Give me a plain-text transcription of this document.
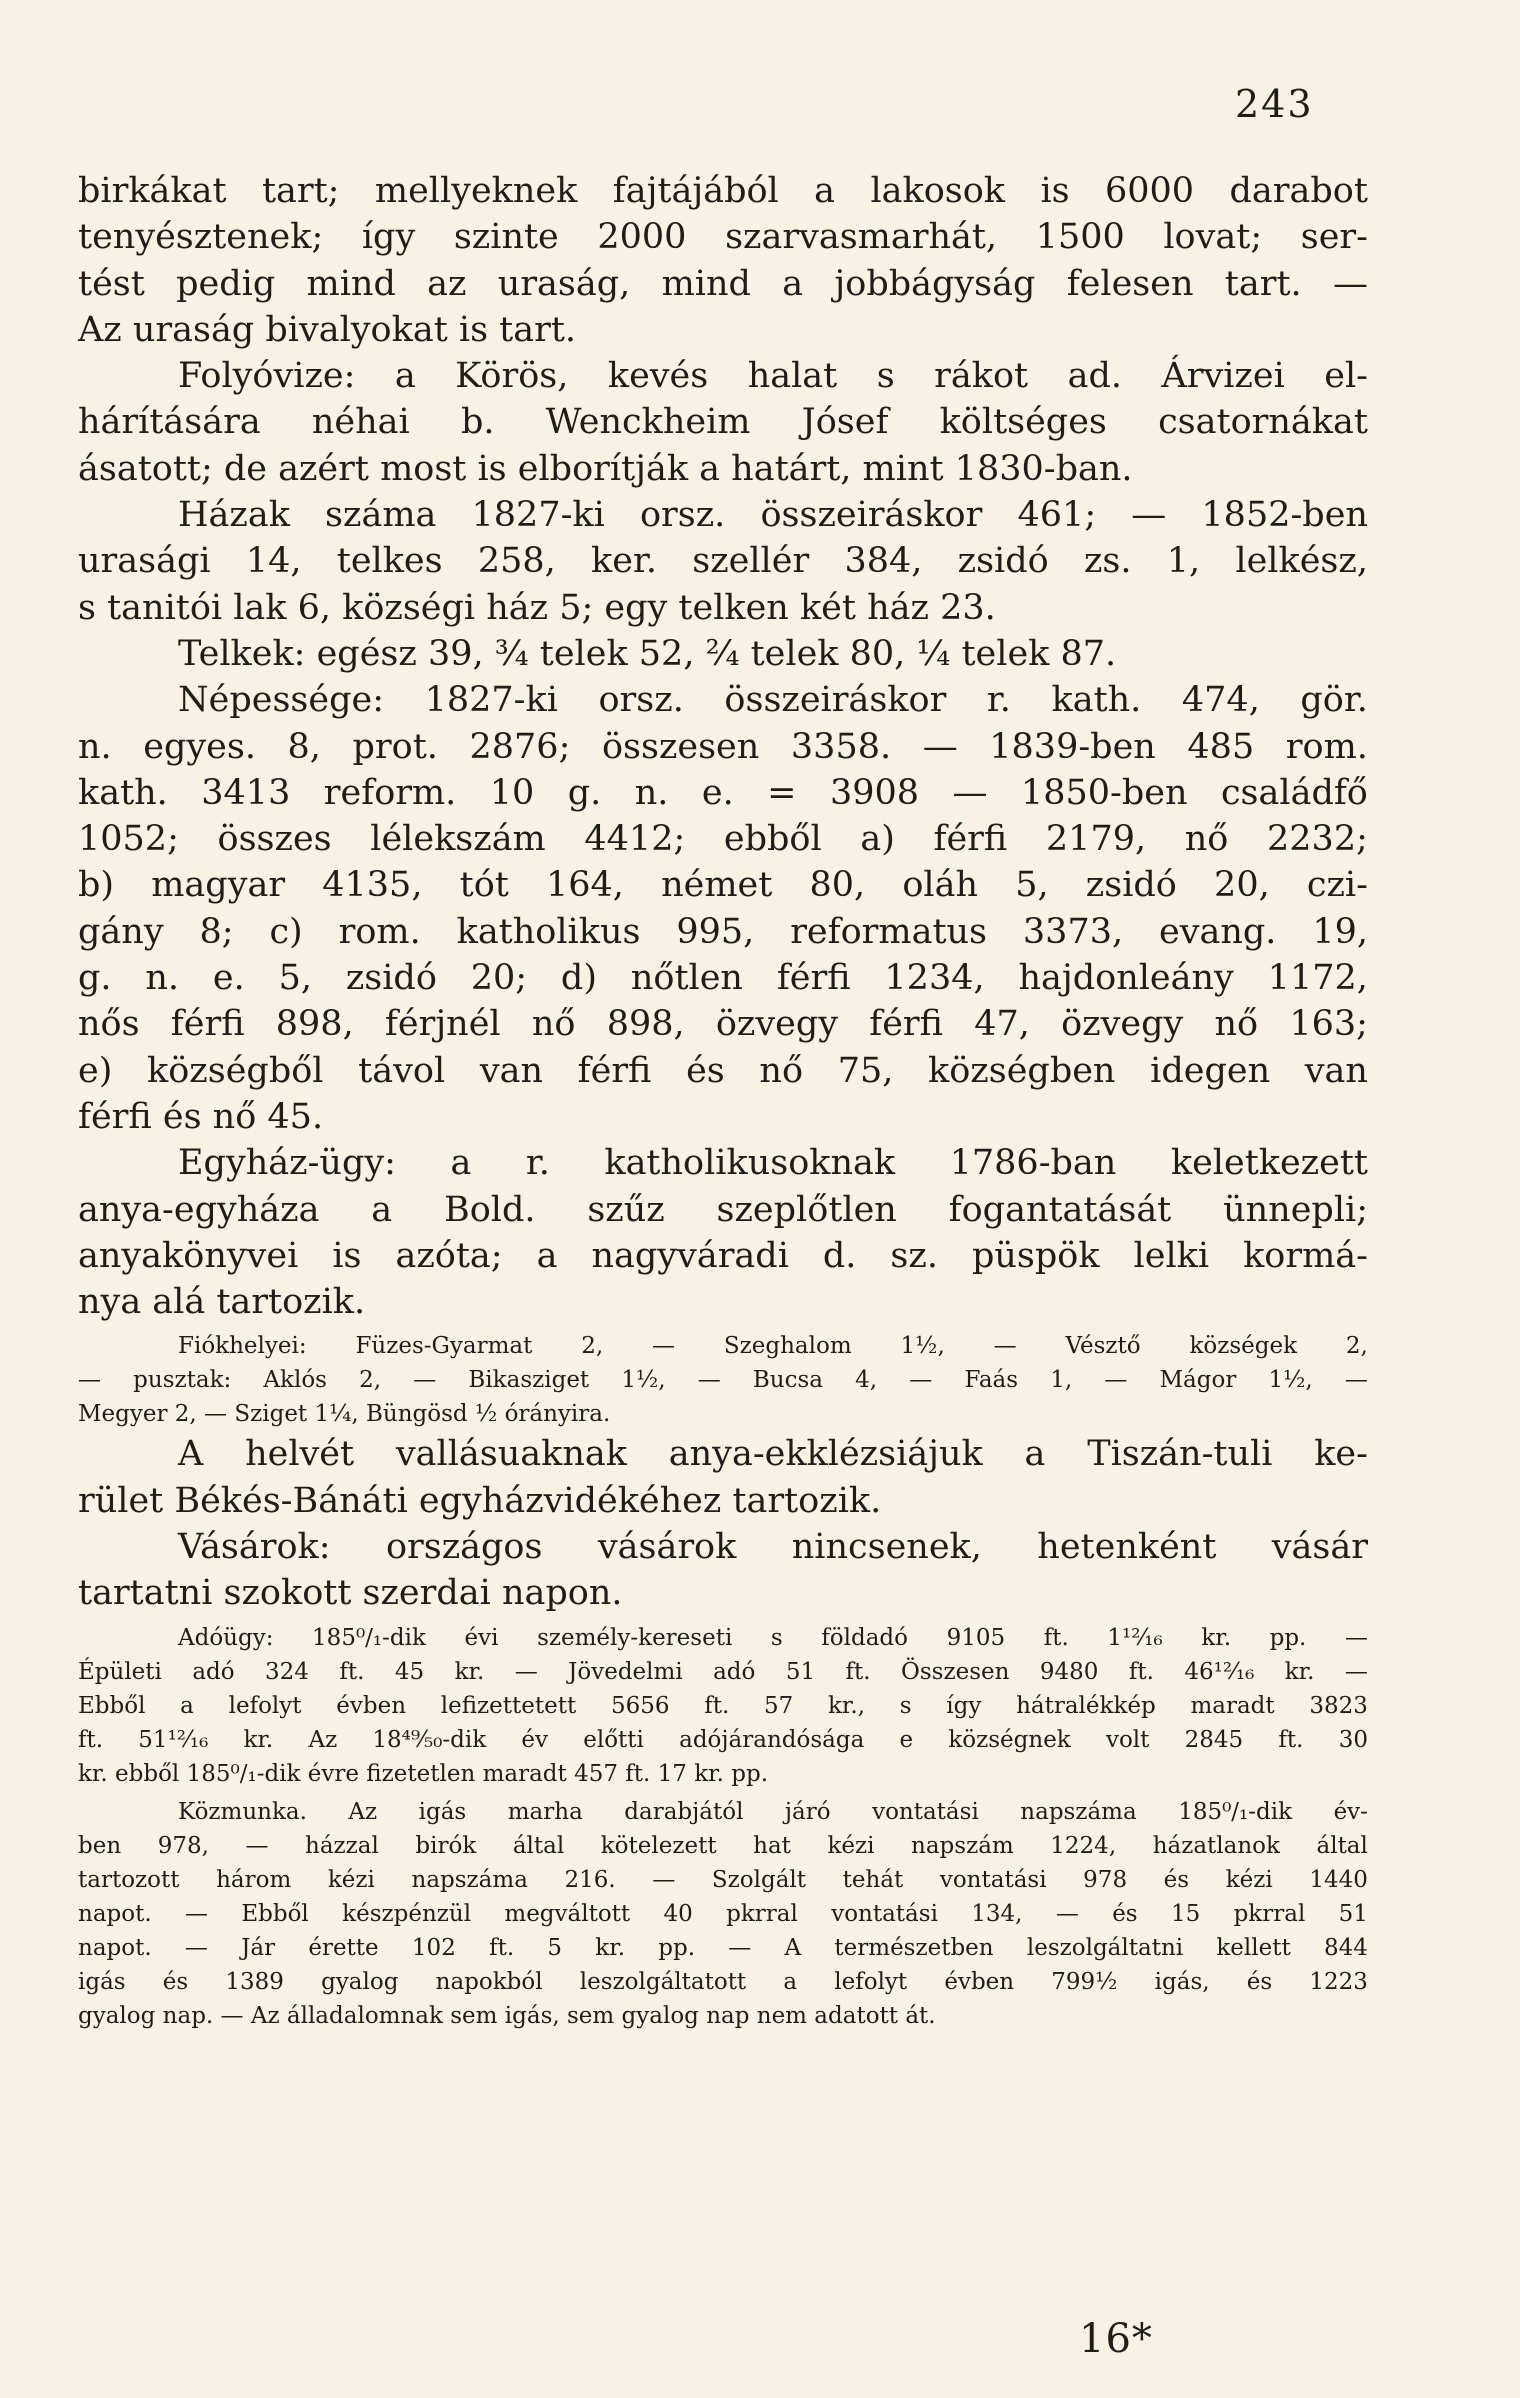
243
birkákat tart; mellyeknek fajtájából a lakosok is 6000 darabot
tenyésztenek; így szinte 2000 szarvasmarhát, 1500 lovat; ser-
tést pedig mind az uraság, mind a jobbágyság felesen tart. —
Az uraság bivalyokat is tart.
Folyóvize: a Körös, kevés halat s rákot ad. Árvizei el-
hárítására néhai b. Wenckheim Jósef költséges csatornákat
ásatott; de azért most is elborítják a határt, mint 1830-ban.
Házak száma 1827-ki orsz. összeiráskor 461; — 1852-ben
urasági 14, telkes 258, ker. szellér 384, zsidó zs. 1, lelkész,
s tanitói lak 6, községi ház 5; egy telken két ház 23.
Telkek: egész 39, ¾ telek 52, ²⁄₄ telek 80, ¼ telek 87.
Népessége: 1827-ki orsz. összeiráskor r. kath. 474, gör.
n. egyes. 8, prot. 2876; összesen 3358. — 1839-ben 485 rom.
kath. 3413 reform. 10 g. n. e. = 3908 — 1850-ben családfő
1052; összes lélekszám 4412; ebből a) férfi 2179, nő 2232;
b) magyar 4135, tót 164, német 80, oláh 5, zsidó 20, czi-
gány 8; c) rom. katholikus 995, reformatus 3373, evang. 19,
g. n. e. 5, zsidó 20; d) nőtlen férfi 1234, hajdonleány 1172,
nős férfi 898, férjnél nő 898, özvegy férfi 47, özvegy nő 163;
e) községből távol van férfi és nő 75, községben idegen van
férfi és nő 45.
Egyház-ügy: a r. katholikusoknak 1786-ban keletkezett
anya-egyháza a Bold. szűz szeplőtlen fogantatását ünnepli;
anyakönyvei is azóta; a nagyváradi d. sz. püspök lelki kormá-
nya alá tartozik.
Fiókhelyei: Füzes-Gyarmat 2, — Szeghalom 1½, — Vésztő községek 2,
— pusztak: Aklós 2, — Bikasziget 1½, — Bucsa 4, — Faás 1, — Mágor 1½, —
Megyer 2, — Sziget 1¼, Büngösd ½ órányira.
A helvét vallásuaknak anya-ekklézsiájuk a Tiszán-tuli ke-
rület Békés-Bánáti egyházvidékéhez tartozik.
Vásárok: országos vásárok nincsenek, hetenként vásár
tartatni szokott szerdai napon.
Adóügy: 185⁰/₁-dik évi személy-kereseti s földadó 9105 ft. 1¹²⁄₁₆ kr. pp. —
Épületi adó 324 ft. 45 kr. — Jövedelmi adó 51 ft. Összesen 9480 ft. 46¹²⁄₁₆ kr. —
Ebből a lefolyt évben lefizettetett 5656 ft. 57 kr., s így hátralékkép maradt 3823
ft. 51¹²⁄₁₆ kr. Az 18⁴⁹⁄₅₀-dik év előtti adójárandósága e községnek volt 2845 ft. 30
kr. ebből 185⁰/₁-dik évre fizetetlen maradt 457 ft. 17 kr. pp.
Közmunka. Az igás marha darabjától járó vontatási napszáma 185⁰/₁-dik év-
ben 978, — házzal birók által kötelezett hat kézi napszám 1224, házatlanok által
tartozott három kézi napszáma 216. — Szolgált tehát vontatási 978 és kézi 1440
napot. — Ebből készpénzül megváltott 40 pkrral vontatási 134, — és 15 pkrral 51
napot. — Jár érette 102 ft. 5 kr. pp. — A természetben leszolgáltatni kellett 844
igás és 1389 gyalog napokból leszolgáltatott a lefolyt évben 799½ igás, és 1223
gyalog nap. — Az álladalomnak sem igás, sem gyalog nap nem adatott át.
16*
